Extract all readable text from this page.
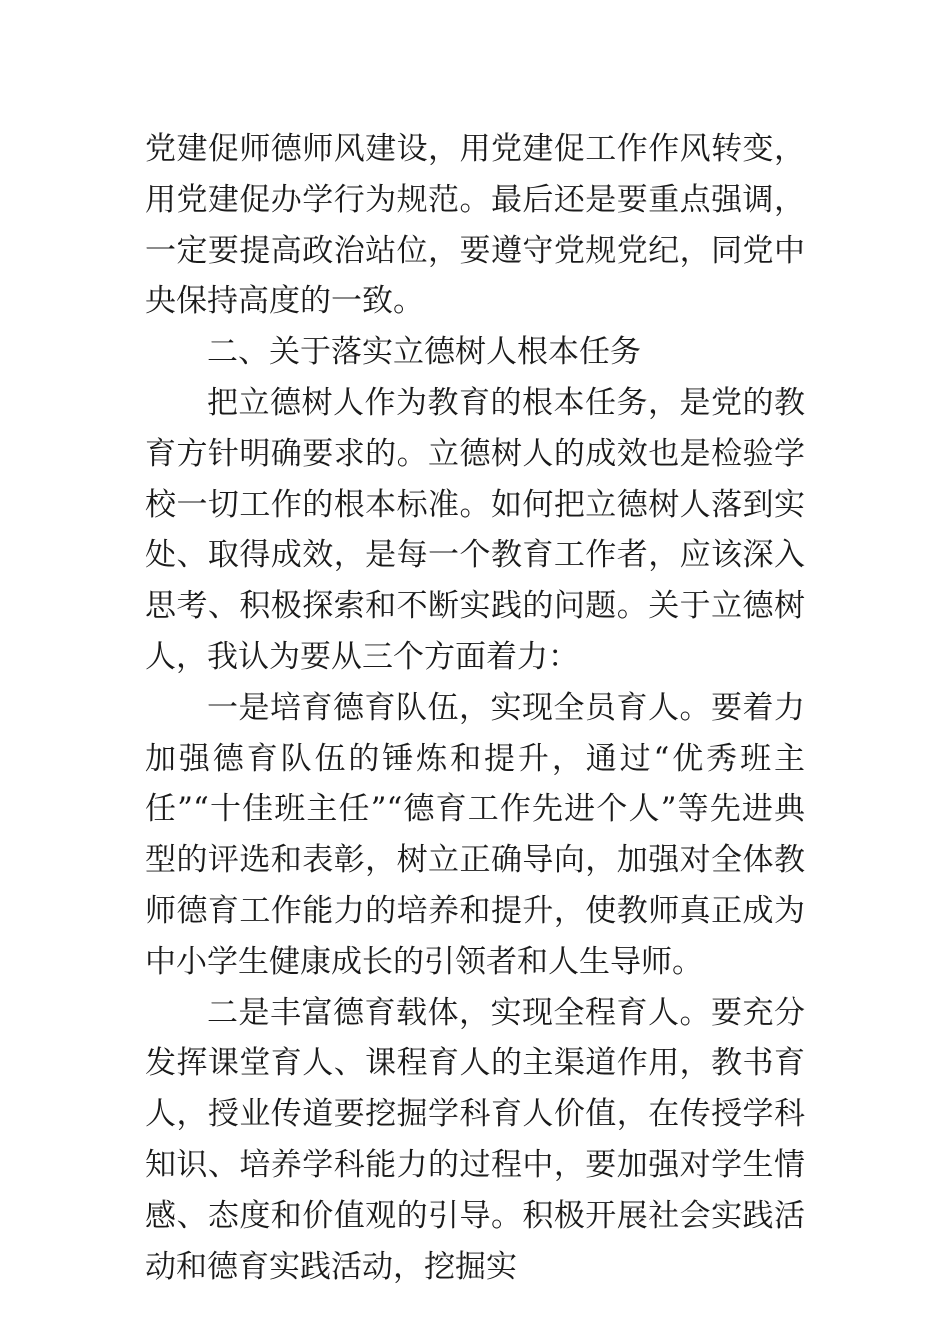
党建促师德师风建设，用党建促工作作风转变，用党建促办学行为规范。最后还是要重点强调，一定要提高政治站位，要遵守党规党纪，同党中央保持高度的一致。

二、关于落实立德树人根本任务

把立德树人作为教育的根本任务，是党的教育方针明确要求的。立德树人的成效也是检验学校一切工作的根本标准。如何把立德树人落到实处、取得成效，是每一个教育工作者，应该深入思考、积极探索和不断实践的问题。关于立德树人，我认为要从三个方面着力：

一是培育德育队伍，实现全员育人。要着力加强德育队伍的锤炼和提升，通过“优秀班主任”“十佳班主任”“德育工作先进个人”等先进典型的评选和表彰，树立正确导向，加强对全体教师德育工作能力的培养和提升，使教师真正成为中小学生健康成长的引领者和人生导师。

二是丰富德育载体，实现全程育人。要充分发挥课堂育人、课程育人的主渠道作用，教书育人，授业传道要挖掘学科育人价值，在传授学科知识、培养学科能力的过程中，要加强对学生情感、态度和价值观的引导。积极开展社会实践活动和德育实践活动，挖掘实
